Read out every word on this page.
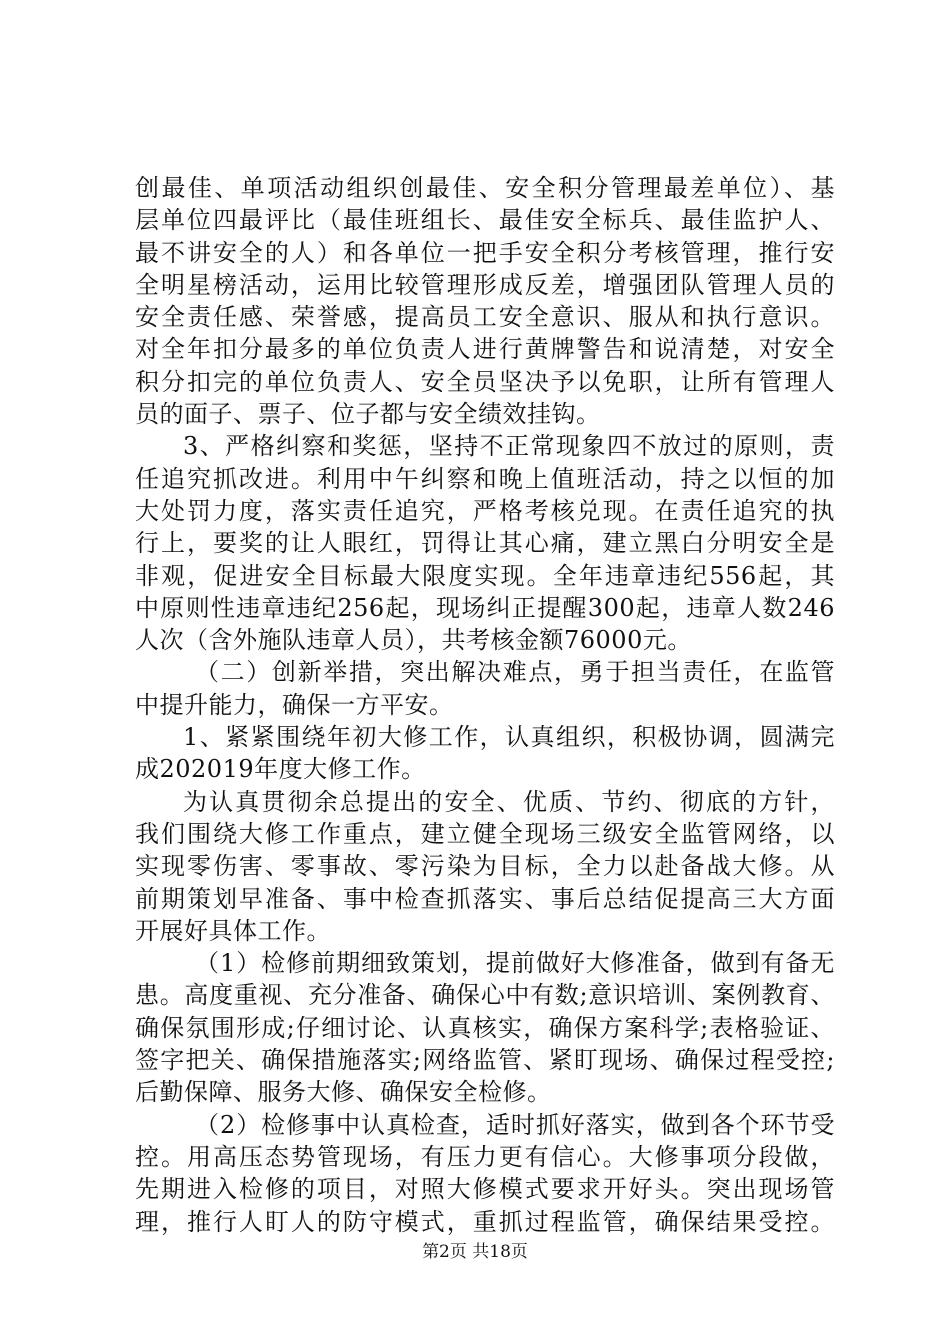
创最佳、单项活动组织创最佳、安全积分管理最差单位）、基
层单位四最评比（最佳班组长、最佳安全标兵、最佳监护人、
最不讲安全的人）和各单位一把手安全积分考核管理，推行安
全明星榜活动，运用比较管理形成反差，增强团队管理人员的
安全责任感、荣誉感，提高员工安全意识、服从和执行意识。
对全年扣分最多的单位负责人进行黄牌警告和说清楚，对安全
积分扣完的单位负责人、安全员坚决予以免职，让所有管理人
员的面子、票子、位子都与安全绩效挂钩。
3、严格纠察和奖惩，坚持不正常现象四不放过的原则，责
任追究抓改进。利用中午纠察和晚上值班活动，持之以恒的加
大处罚力度，落实责任追究，严格考核兑现。在责任追究的执
行上，要奖的让人眼红，罚得让其心痛，建立黑白分明安全是
非观，促进安全目标最大限度实现。全年违章违纪556起，其
中原则性违章违纪256起，现场纠正提醒300起，违章人数246
人次（含外施队违章人员），共考核金额76000元。
（二）创新举措，突出解决难点，勇于担当责任，在监管
中提升能力，确保一方平安。
1、紧紧围绕年初大修工作，认真组织，积极协调，圆满完
成202019年度大修工作。
为认真贯彻余总提出的安全、优质、节约、彻底的方针，
我们围绕大修工作重点，建立健全现场三级安全监管网络，以
实现零伤害、零事故、零污染为目标，全力以赴备战大修。从
前期策划早准备、事中检查抓落实、事后总结促提高三大方面
开展好具体工作。
（1）检修前期细致策划，提前做好大修准备，做到有备无
患。高度重视、充分准备、确保心中有数;意识培训、案例教育、
确保氛围形成;仔细讨论、认真核实，确保方案科学;表格验证、
签字把关、确保措施落实;网络监管、紧盯现场、确保过程受控;
后勤保障、服务大修、确保安全检修。
（2）检修事中认真检查，适时抓好落实，做到各个环节受
控。用高压态势管现场，有压力更有信心。大修事项分段做，
先期进入检修的项目，对照大修模式要求开好头。突出现场管
理，推行人盯人的防守模式，重抓过程监管，确保结果受控。
第2页 共18页
